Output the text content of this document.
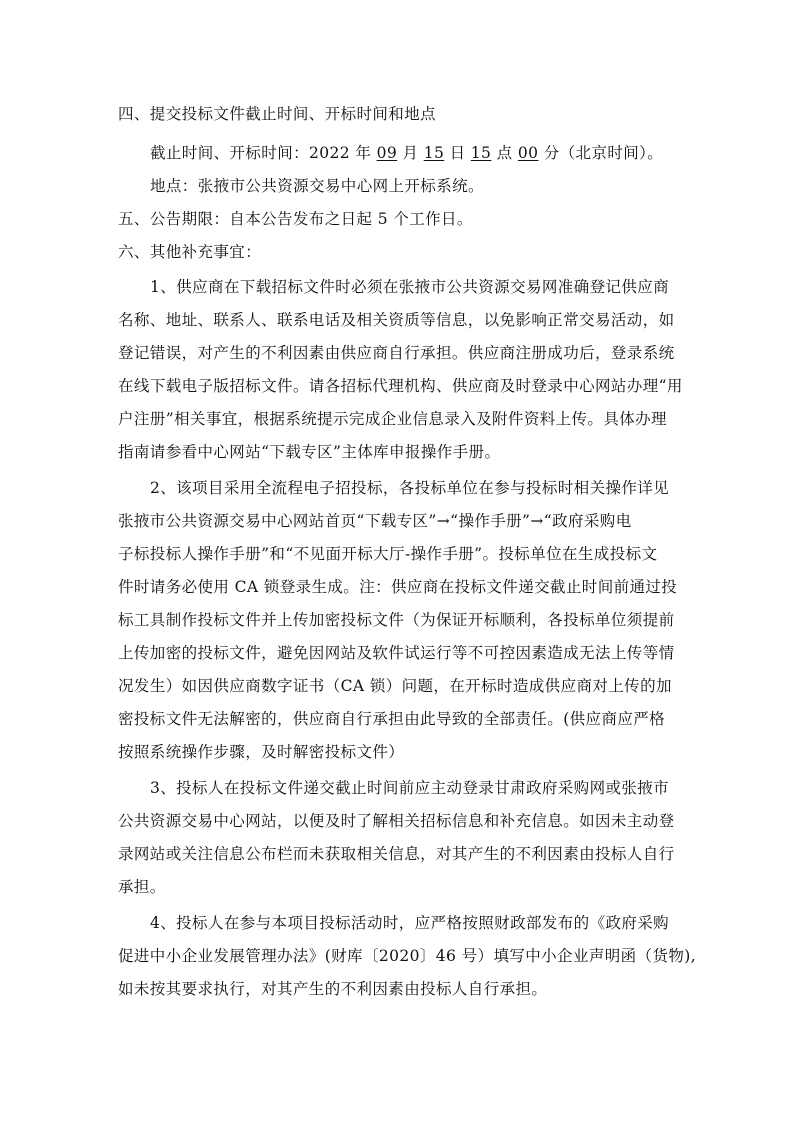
四、提交投标文件截止时间、开标时间和地点
截止时间、开标时间：2022 年 09 月 15 日 15 点 00 分（北京时间）。
地点：张掖市公共资源交易中心网上开标系统。
五、公告期限：自本公告发布之日起 5 个工作日。
六、其他补充事宜：
1、供应商在下载招标文件时必须在张掖市公共资源交易网准确登记供应商
名称、地址、联系人、联系电话及相关资质等信息，以免影响正常交易活动，如
登记错误，对产生的不利因素由供应商自行承担。供应商注册成功后，登录系统
在线下载电子版招标文件。请各招标代理机构、供应商及时登录中心网站办理“用
户注册”相关事宜，根据系统提示完成企业信息录入及附件资料上传。具体办理
指南请参看中心网站“下载专区”主体库申报操作手册。
2、该项目采用全流程电子招投标，各投标单位在参与投标时相关操作详见
张掖市公共资源交易中心网站首页“下载专区”→“操作手册”→“政府采购电
子标投标人操作手册”和“不见面开标大厅-操作手册”。投标单位在生成投标文
件时请务必使用 CA 锁登录生成。注：供应商在投标文件递交截止时间前通过投
标工具制作投标文件并上传加密投标文件（为保证开标顺利，各投标单位须提前
上传加密的投标文件，避免因网站及软件试运行等不可控因素造成无法上传等情
况发生）如因供应商数字证书（CA 锁）问题，在开标时造成供应商对上传的加
密投标文件无法解密的，供应商自行承担由此导致的全部责任。(供应商应严格
按照系统操作步骤，及时解密投标文件）
3、投标人在投标文件递交截止时间前应主动登录甘肃政府采购网或张掖市
公共资源交易中心网站，以便及时了解相关招标信息和补充信息。如因未主动登
录网站或关注信息公布栏而未获取相关信息，对其产生的不利因素由投标人自行
承担。
4、投标人在参与本项目投标活动时，应严格按照财政部发布的《政府采购
促进中小企业发展管理办法》(财库〔2020〕46 号）填写中小企业声明函（货物),
如未按其要求执行，对其产生的不利因素由投标人自行承担。
